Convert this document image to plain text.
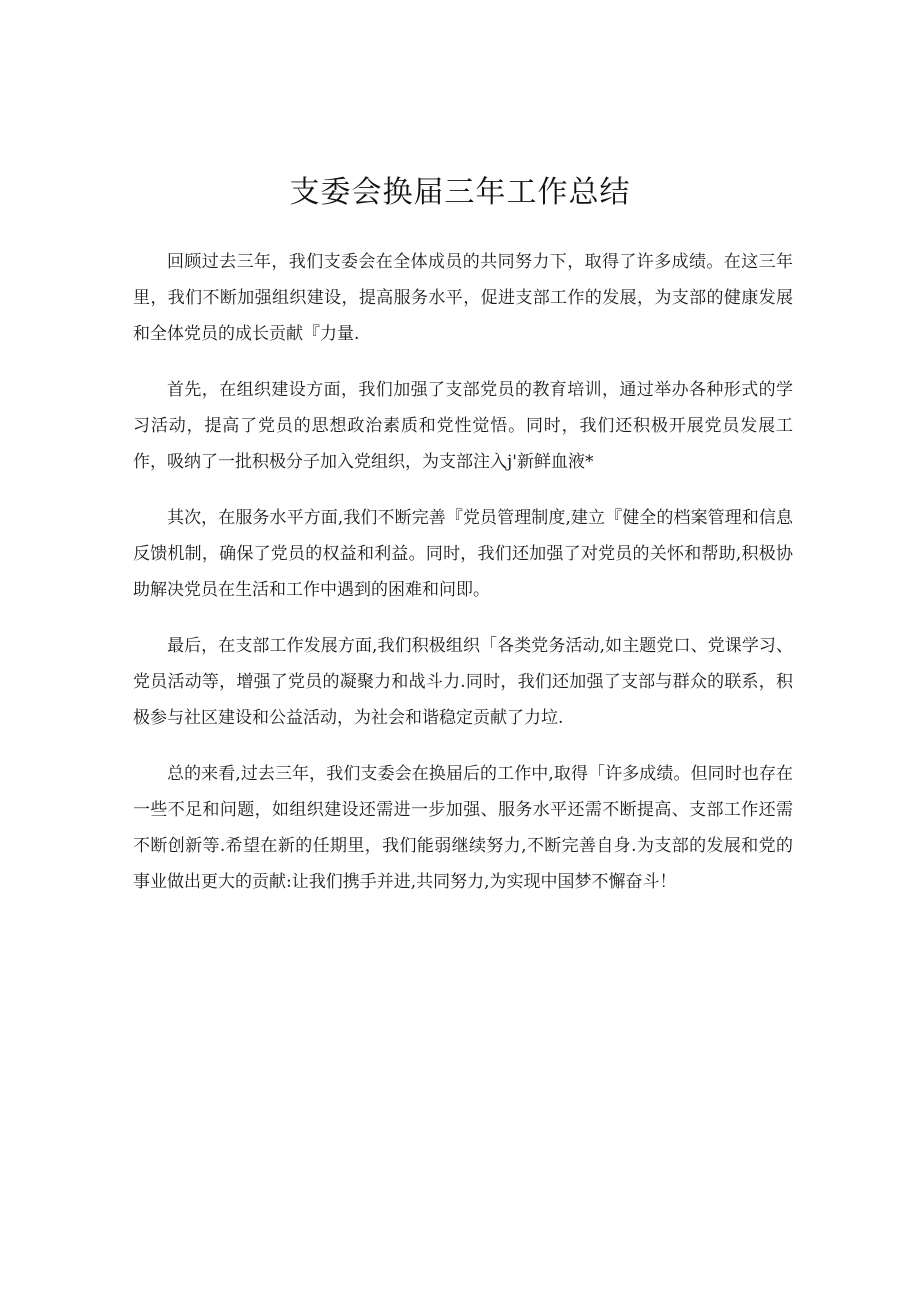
支委会换届三年工作总结

回顾过去三年，我们支委会在全体成员的共同努力下，取得了许多成绩。在这三年里，我们不断加强组织建设，提高服务水平，促进支部工作的发展，为支部的健康发展和全体党员的成长贡献『力量.

首先，在组织建设方面，我们加强了支部党员的教育培训，通过举办各种形式的学习活动，提高了党员的思想政治素质和党性觉悟。同时，我们还积极开展党员发展工作，吸纳了一批积极分子加入党组织，为支部注入j'新鲜血液*

其次，在服务水平方面,我们不断完善『党员管理制度,建立『健全的档案管理和信息反馈机制，确保了党员的权益和利益。同时，我们还加强了对党员的关怀和帮助,积极协助解决党员在生活和工作中遇到的困难和问即。

最后，在支部工作发展方面,我们积极组织「各类党务活动,如主题党口、党课学习、党员活动等，增强了党员的凝聚力和战斗力.同时，我们还加强了支部与群众的联系，积极参与社区建设和公益活动，为社会和谐稳定贡献了力垃.

总的来看,过去三年，我们支委会在换届后的工作中,取得「许多成绩。但同时也存在一些不足和问题，如组织建设还需进一步加强、服务水平还需不断提高、支部工作还需不断创新等.希望在新的任期里，我们能弱继续努力,不断完善自身.为支部的发展和党的事业做出更大的贡献:让我们携手并进,共同努力,为实现中国梦不懈奋斗！
